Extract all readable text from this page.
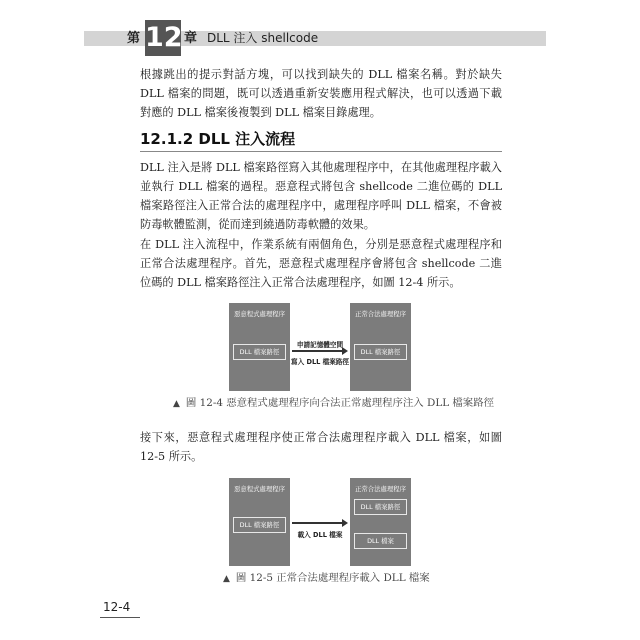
第 12 章 DLL 注入 shellcode

根據跳出的提示對話方塊，可以找到缺失的 DLL 檔案名稱。對於缺失 DLL 檔案的問題，既可以透過重新安裝應用程式解決，也可以透過下載對應的 DLL 檔案後複製到 DLL 檔案目錄處理。

12.1.2 DLL 注入流程

DLL 注入是將 DLL 檔案路徑寫入其他處理程序中，在其他處理程序載入並執行 DLL 檔案的過程。惡意程式將包含 shellcode 二進位碼的 DLL 檔案路徑注入正常合法的處理程序中，處理程序呼叫 DLL 檔案，不會被防毒軟體監測，從而達到繞過防毒軟體的效果。

在 DLL 注入流程中，作業系統有兩個角色，分別是惡意程式處理程序和正常合法處理程序。首先，惡意程式處理程序會將包含 shellcode 二進位碼的 DLL 檔案路徑注入正常合法處理程序，如圖 12-4 所示。

惡意程式處理程序
DLL 檔案路徑
申請記憶體空間
寫入 DLL 檔案路徑
正常合法處理程序
DLL 檔案路徑
▲ 圖 12-4 惡意程式處理程序向合法正常處理程序注入 DLL 檔案路徑

接下來，惡意程式處理程序使正常合法處理程序載入 DLL 檔案，如圖 12-5 所示。

惡意程式處理程序
DLL 檔案路徑
載入 DLL 檔案
正常合法處理程序
DLL 檔案路徑
DLL 檔案
▲ 圖 12-5 正常合法處理程序載入 DLL 檔案
12-4
